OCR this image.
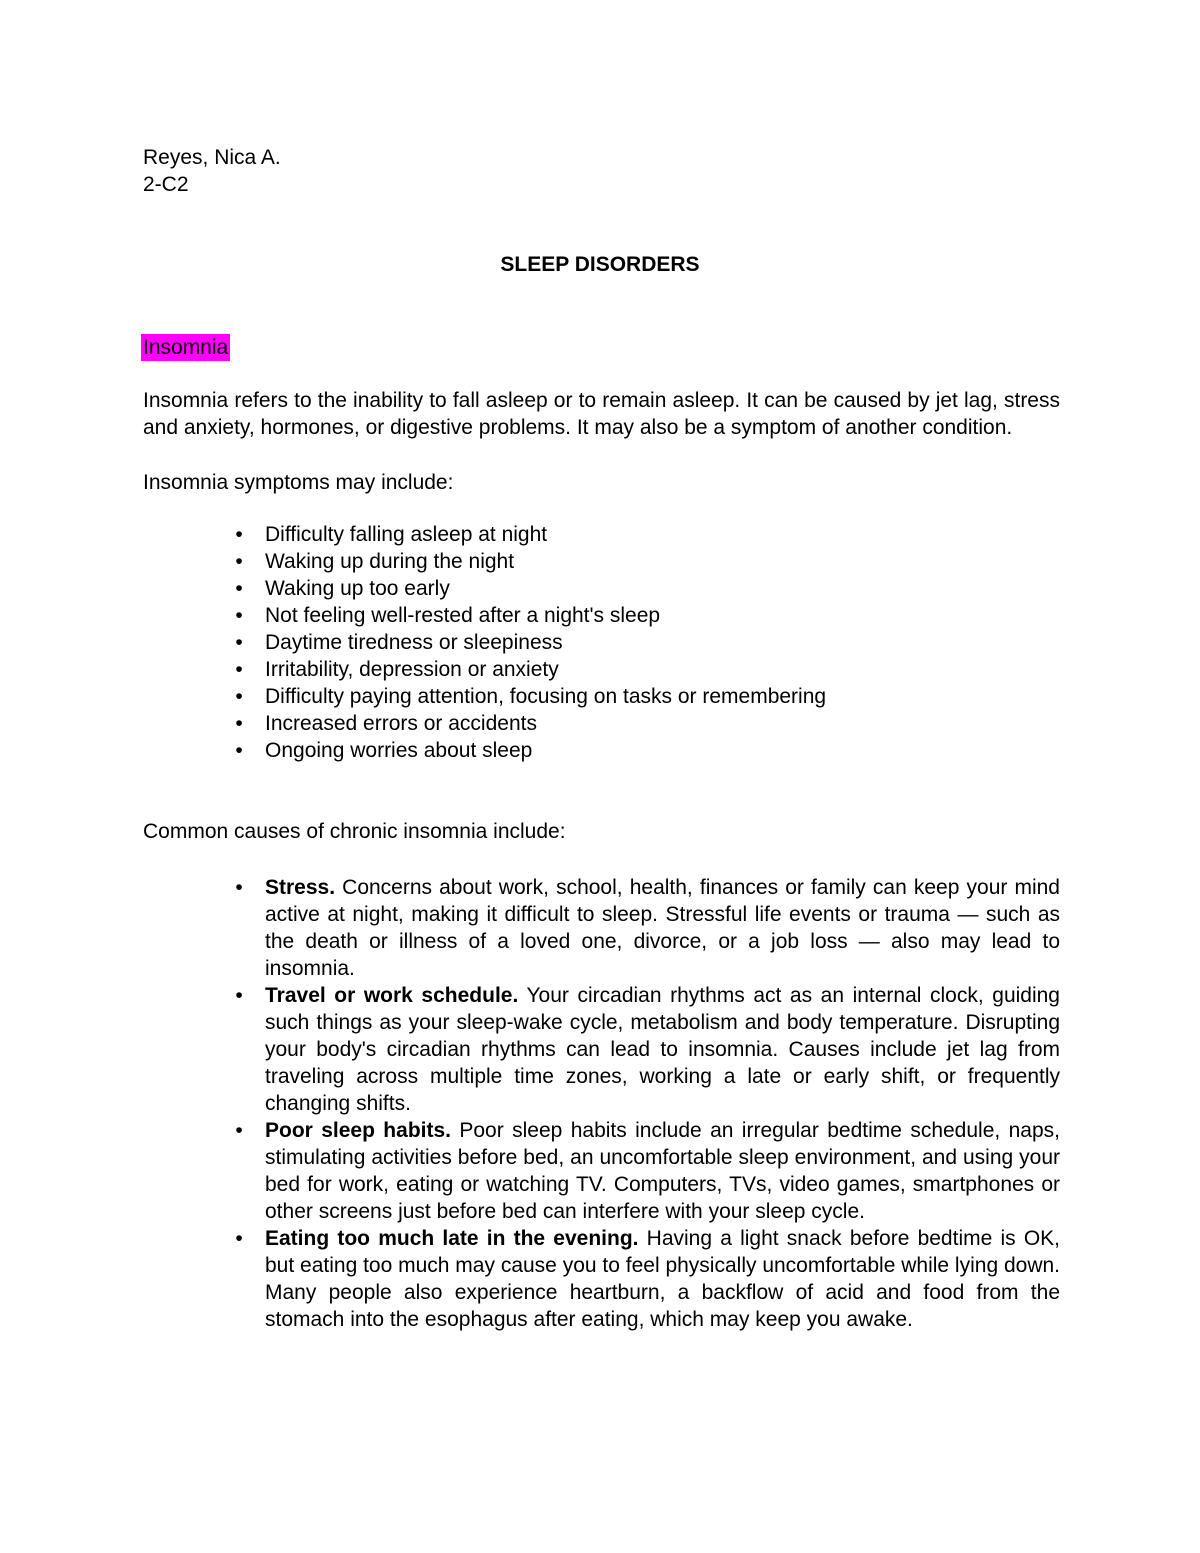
Reyes, Nica A.
2-C2
SLEEP DISORDERS
Insomnia

Insomnia refers to the inability to fall asleep or to remain asleep. It can be caused by jet lag, stress and anxiety, hormones, or digestive problems. It may also be a symptom of another condition.

Insomnia symptoms may include:
•	Difficulty falling asleep at night
•	Waking up during the night
•	Waking up too early
•	Not feeling well-rested after a night's sleep
•	Daytime tiredness or sleepiness
•	Irritability, depression or anxiety
•	Difficulty paying attention, focusing on tasks or remembering
•	Increased errors or accidents
•	Ongoing worries about sleep
Common causes of chronic insomnia include:
•	Stress. Concerns about work, school, health, finances or family can keep your mind active at night, making it difficult to sleep. Stressful life events or trauma — such as the death or illness of a loved one, divorce, or a job loss — also may lead to insomnia.
•	Travel or work schedule. Your circadian rhythms act as an internal clock, guiding such things as your sleep-wake cycle, metabolism and body temperature. Disrupting your body's circadian rhythms can lead to insomnia. Causes include jet lag from traveling across multiple time zones, working a late or early shift, or frequently changing shifts.
•	Poor sleep habits. Poor sleep habits include an irregular bedtime schedule, naps, stimulating activities before bed, an uncomfortable sleep environment, and using your bed for work, eating or watching TV. Computers, TVs, video games, smartphones or other screens just before bed can interfere with your sleep cycle.
•	Eating too much late in the evening. Having a light snack before bedtime is OK, but eating too much may cause you to feel physically uncomfortable while lying down. Many people also experience heartburn, a backflow of acid and food from the stomach into the esophagus after eating, which may keep you awake.
